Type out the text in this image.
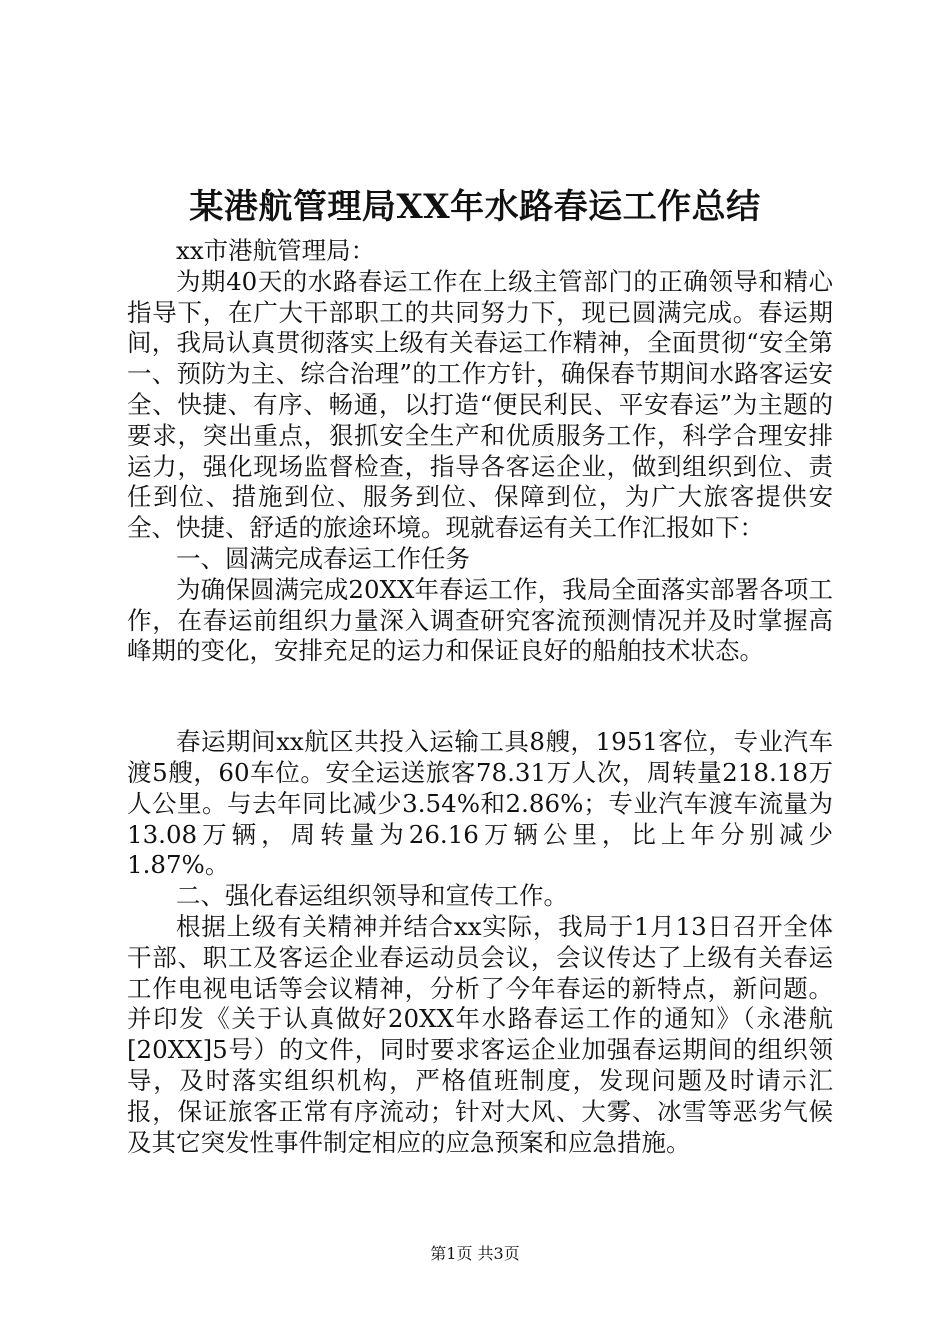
某港航管理局XX年水路春运工作总结

xx市港航管理局：

为期40天的水路春运工作在上级主管部门的正确领导和精心指导下，在广大干部职工的共同努力下，现已圆满完成。春运期间，我局认真贯彻落实上级有关春运工作精神，全面贯彻“安全第一、预防为主、综合治理”的工作方针，确保春节期间水路客运安全、快捷、有序、畅通，以打造“便民利民、平安春运”为主题的要求，突出重点，狠抓安全生产和优质服务工作，科学合理安排运力，强化现场监督检查，指导各客运企业，做到组织到位、责任到位、措施到位、服务到位、保障到位，为广大旅客提供安全、快捷、舒适的旅途环境。现就春运有关工作汇报如下：

一、圆满完成春运工作任务

为确保圆满完成20XX年春运工作，我局全面落实部署各项工作，在春运前组织力量深入调查研究客流预测情况并及时掌握高峰期的变化，安排充足的运力和保证良好的船舶技术状态。

春运期间xx航区共投入运输工具8艘，1951客位，专业汽车渡5艘，60车位。安全运送旅客78.31万人次，周转量218.18万人公里。与去年同比减少3.54%和2.86%；专业汽车渡车流量为13.08万辆，周转量为26.16万辆公里，比上年分别减少1.87%。

二、强化春运组织领导和宣传工作。

根据上级有关精神并结合xx实际，我局于1月13日召开全体干部、职工及客运企业春运动员会议，会议传达了上级有关春运工作电视电话等会议精神，分析了今年春运的新特点，新问题。并印发《关于认真做好20XX年水路春运工作的通知》（永港航[20XX]5号）的文件，同时要求客运企业加强春运期间的组织领导，及时落实组织机构，严格值班制度，发现问题及时请示汇报，保证旅客正常有序流动；针对大风、大雾、冰雪等恶劣气候及其它突发性事件制定相应的应急预案和应急措施。

第1页 共3页
